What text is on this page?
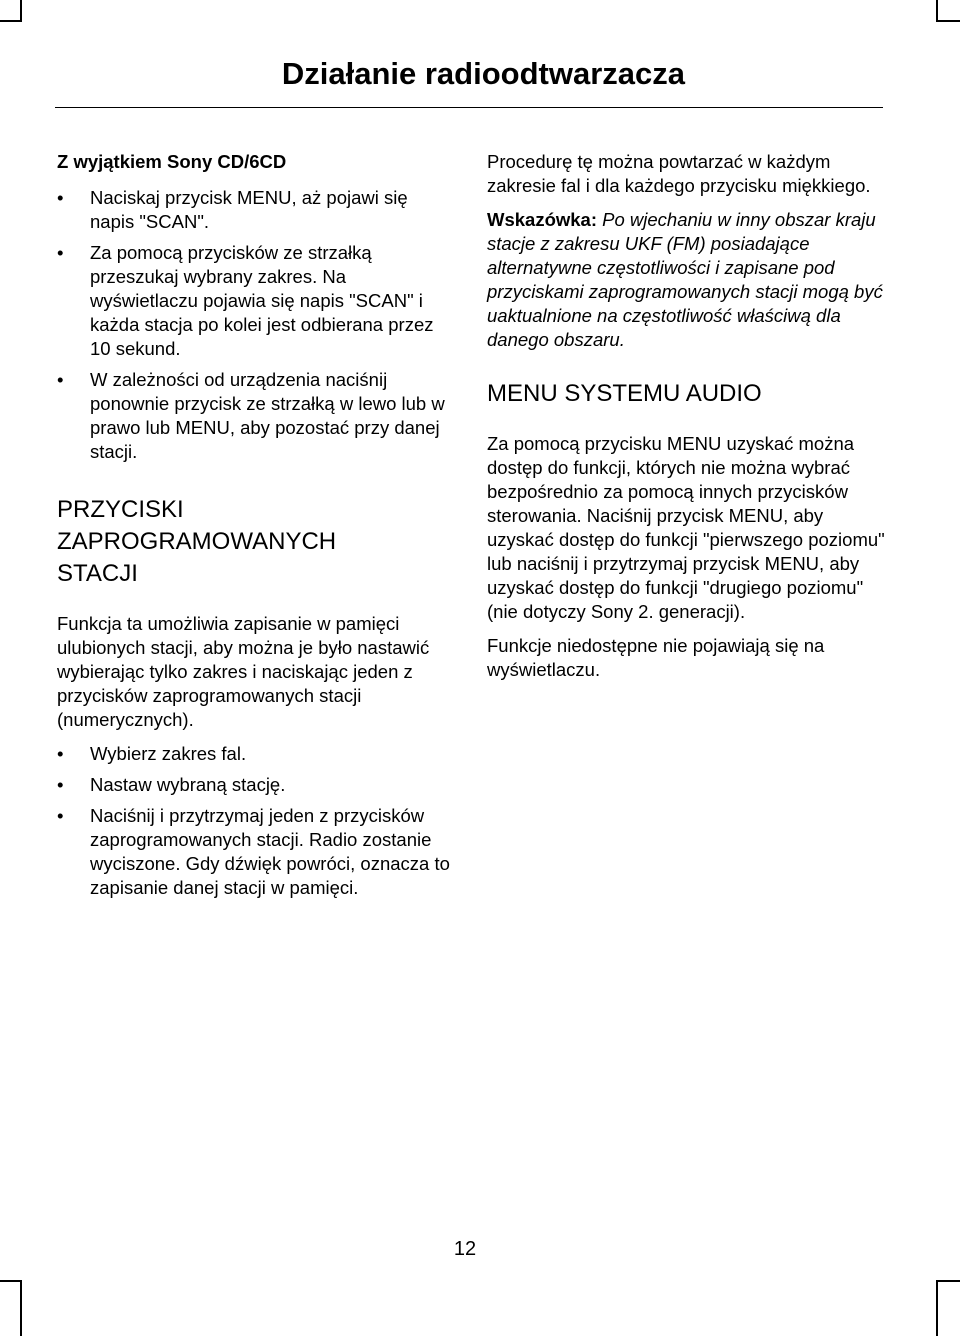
Działanie radioodtwarzacza
Z wyjątkiem Sony CD/6CD
• Naciskaj przycisk MENU, aż pojawi się napis "SCAN".
• Za pomocą przycisków ze strzałką przeszukaj wybrany zakres. Na wyświetlaczu pojawia się napis "SCAN" i każda stacja po kolei jest odbierana przez 10 sekund.
• W zależności od urządzenia naciśnij ponownie przycisk ze strzałką w lewo lub w prawo lub MENU, aby pozostać przy danej stacji.
PRZYCISKI
ZAPROGRAMOWANYCH
STACJI

Funkcja ta umożliwia zapisanie w pamięci ulubionych stacji, aby można je było nastawić wybierając tylko zakres i naciskając jeden z przycisków zaprogramowanych stacji (numerycznych).

• Wybierz zakres fal.
• Nastaw wybraną stację.
• Naciśnij i przytrzymaj jeden z przycisków zaprogramowanych stacji. Radio zostanie wyciszone. Gdy dźwięk powróci, oznacza to zapisanie danej stacji w pamięci.

Procedurę tę można powtarzać w każdym zakresie fal i dla każdego przycisku miękkiego.

Wskazówka: Po wjechaniu w inny obszar kraju stacje z zakresu UKF (FM) posiadające alternatywne częstotliwości i zapisane pod przyciskami zaprogramowanych stacji mogą być uaktualnione na częstotliwość właściwą dla danego obszaru.

MENU SYSTEMU AUDIO

Za pomocą przycisku MENU uzyskać można dostęp do funkcji, których nie można wybrać bezpośrednio za pomocą innych przycisków sterowania. Naciśnij przycisk MENU, aby uzyskać dostęp do funkcji "pierwszego poziomu" lub naciśnij i przytrzymaj przycisk MENU, aby uzyskać dostęp do funkcji "drugiego poziomu" (nie dotyczy Sony 2. generacji).

Funkcje niedostępne nie pojawiają się na wyświetlaczu.

12
